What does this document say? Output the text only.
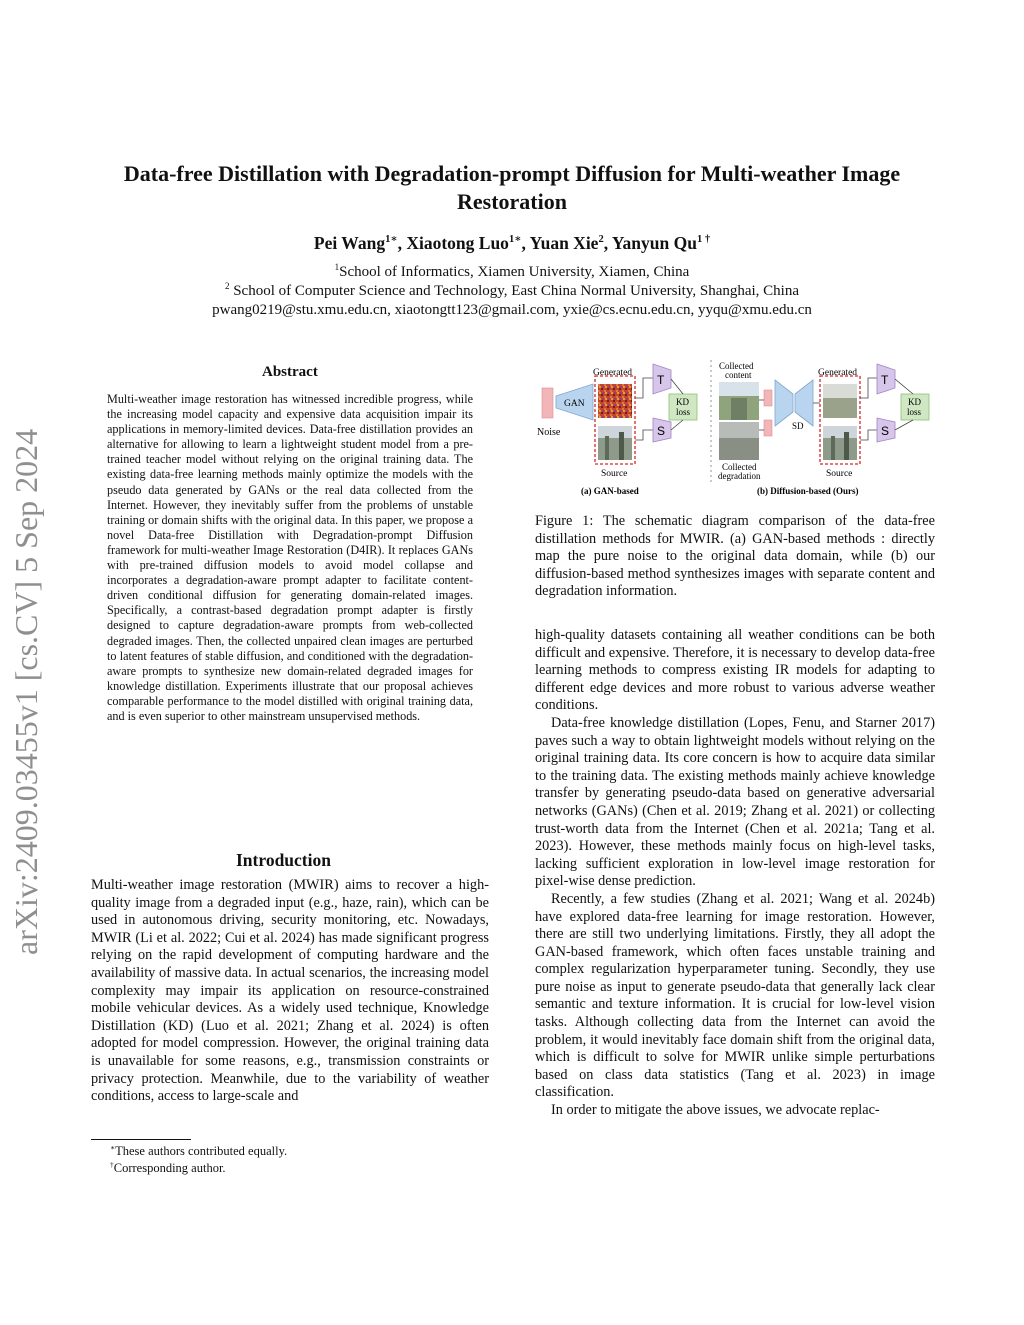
Data-free Distillation with Degradation-prompt Diffusion for Multi-weather Image Restoration
Pei Wang$^{1∗}$, Xiaotong Luo$^{1∗}$, Yuan Xie$^2$, Yanyun $Qu^{1 \dagger}$
$^1$School of Informatics, Xiamen University, Xiamen, China
$^2$ School of Computer Science and Technology, East China Normal University, Shanghai, China
pwang0219@stu.xmu.edu.cn, xiaotongtt123@gmail.com, yxie@cs.ecnu.edu.cn, yyqu@xmu.edu.cn
arXiv:2409.03455v1 [cs.CV] 5 Sep 2024
Abstract
Multi-weather image restoration has witnessed incredible progress, while the increasing model capacity and expensive data acquisition impair its applications in memory-limited devices. Data-free distillation provides an alternative for allowing to learn a lightweight student model from a pre-trained teacher model without relying on the original training data. The existing data-free learning methods mainly optimize the models with the pseudo data generated by GANs or the real data collected from the Internet. However, they inevitably suffer from the problems of unstable training or domain shifts with the original data. In this paper, we propose a novel Data-free Distillation with Degradation-prompt Diffusion framework for multi-weather Image Restoration (D4IR). It replaces GANs with pre-trained diffusion models to avoid model collapse and incorporates a degradation-aware prompt adapter to facilitate content-driven conditional diffusion for generating domain-related images. Specifically, a contrast-based degradation prompt adapter is firstly designed to capture degradation-aware prompts from web-collected degraded images. Then, the collected unpaired clean images are perturbed to latent features of stable diffusion, and conditioned with the degradation-aware prompts to synthesize new domain-related degraded images for knowledge distillation. Experiments illustrate that our proposal achieves comparable performance to the model distilled with original training data, and is even superior to other mainstream unsupervised methods.
Introduction
Multi-weather image restoration (MWIR) aims to recover a high-quality image from a degraded input (e.g., haze, rain), which can be used in autonomous driving, security monitoring, etc. Nowadays, MWIR (Li et al. 2022; Cui et al. 2024) has made significant progress relying on the rapid development of computing hardware and the availability of massive data. In actual scenarios, the increasing model complexity may impair its application on resource-constrained mobile vehicular devices. As a widely used technique, Knowledge Distillation (KD) (Luo et al. 2021; Zhang et al. 2024) is often adopted for model compression. However, the original training data is unavailable for some reasons, e.g., transmission constraints or privacy protection. Meanwhile, due to the variability of weather conditions, access to large-scale and
∗These authors contributed equally.
†Corresponding author.
Noise
GAN
Generated
Source
T
S
KD
loss
(a) GAN-based
Collected
content
Collected
degradation
SD
Generated
Source
T
S
KD
loss
(b) Diffusion-based (Ours)
Figure 1: The schematic diagram comparison of the data-free distillation methods for MWIR. (a) GAN-based methods : directly map the pure noise to the original data domain, while (b) our diffusion-based method synthesizes images with separate content and degradation information.

high-quality datasets containing all weather conditions can be both difficult and expensive. Therefore, it is necessary to develop data-free learning methods to compress existing IR models for adapting to different edge devices and more robust to various adverse weather conditions.

Data-free knowledge distillation (Lopes, Fenu, and Starner 2017) paves such a way to obtain lightweight models without relying on the original training data. Its core concern is how to acquire data similar to the training data. The existing methods mainly achieve knowledge transfer by generating pseudo-data based on generative adversarial networks (GANs) (Chen et al. 2019; Zhang et al. 2021) or collecting trust-worth data from the Internet (Chen et al. 2021a; Tang et al. 2023). However, these methods mainly focus on high-level tasks, lacking sufficient exploration in low-level image restoration for pixel-wise dense prediction.

Recently, a few studies (Zhang et al. 2021; Wang et al. 2024b) have explored data-free learning for image restoration. However, there are still two underlying limitations. Firstly, they all adopt the GAN-based framework, which often faces unstable training and complex regularization hyperparameter tuning. Secondly, they use pure noise as input to generate pseudo-data that generally lack clear semantic and texture information. It is crucial for low-level vision tasks. Although collecting data from the Internet can avoid the problem, it would inevitably face domain shift from the original data, which is difficult to solve for MWIR unlike simple perturbations based on class data statistics (Tang et al. 2023) in image classification.

In order to mitigate the above issues, we advocate replac-
